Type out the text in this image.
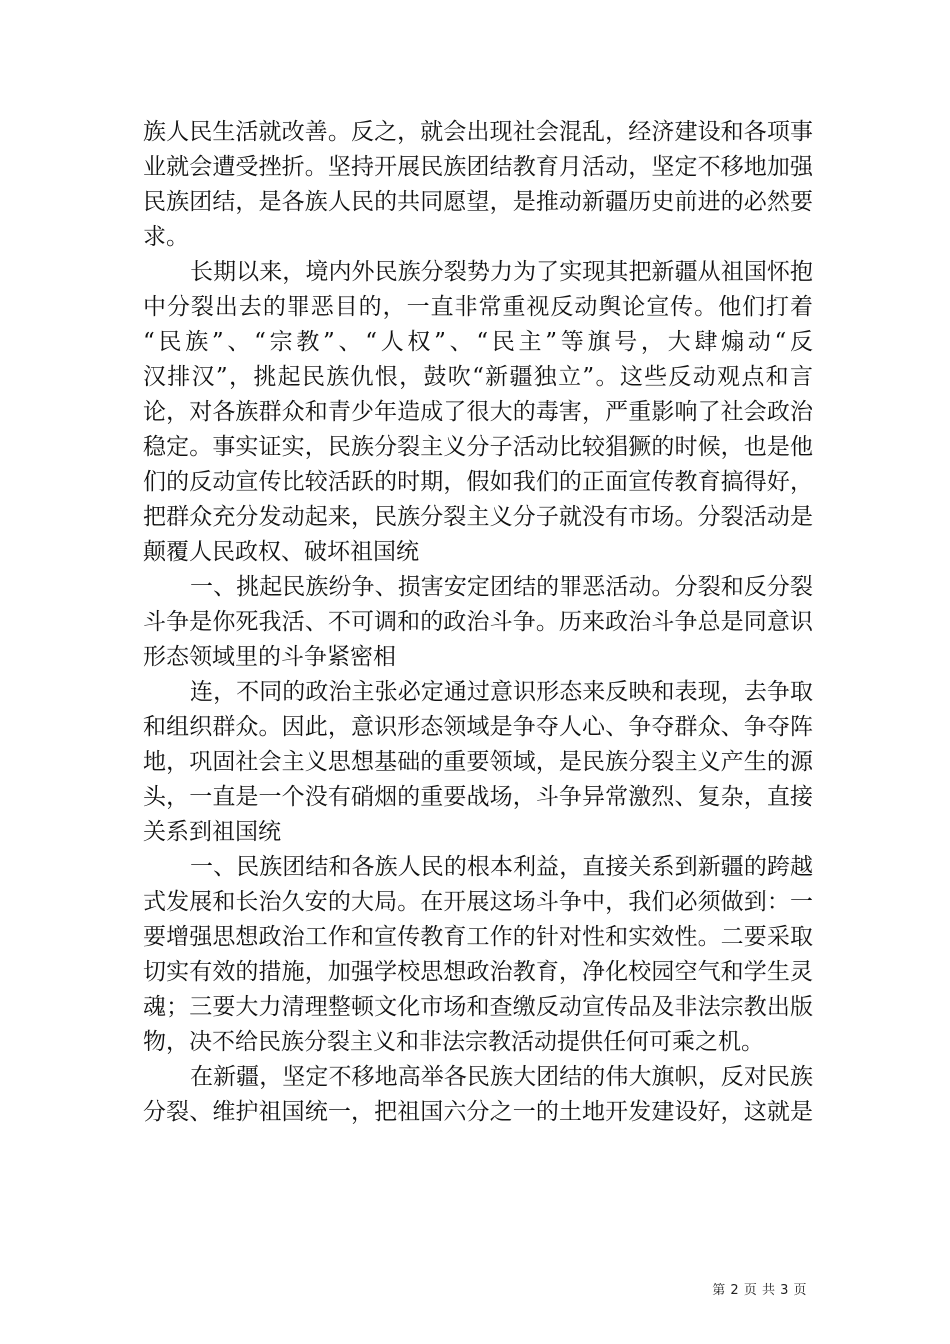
族人民生活就改善。反之，就会出现社会混乱，经济建设和各项事
业就会遭受挫折。坚持开展民族团结教育月活动，坚定不移地加强
民族团结，是各族人民的共同愿望，是推动新疆历史前进的必然要
求。
长期以来，境内外民族分裂势力为了实现其把新疆从祖国怀抱
中分裂出去的罪恶目的，一直非常重视反动舆论宣传。他们打着
“民族”、“宗教”、“人权”、“民主”等旗号，大肆煽动“反
汉排汉”，挑起民族仇恨，鼓吹“新疆独立”。这些反动观点和言
论，对各族群众和青少年造成了很大的毒害，严重影响了社会政治
稳定。事实证实，民族分裂主义分子活动比较猖獗的时候，也是他
们的反动宣传比较活跃的时期，假如我们的正面宣传教育搞得好，
把群众充分发动起来，民族分裂主义分子就没有市场。分裂活动是
颠覆人民政权、破坏祖国统
一、挑起民族纷争、损害安定团结的罪恶活动。分裂和反分裂
斗争是你死我活、不可调和的政治斗争。历来政治斗争总是同意识
形态领域里的斗争紧密相
连，不同的政治主张必定通过意识形态来反映和表现，去争取
和组织群众。因此，意识形态领域是争夺人心、争夺群众、争夺阵
地，巩固社会主义思想基础的重要领域，是民族分裂主义产生的源
头，一直是一个没有硝烟的重要战场，斗争异常激烈、复杂，直接
关系到祖国统
一、民族团结和各族人民的根本利益，直接关系到新疆的跨越
式发展和长治久安的大局。在开展这场斗争中，我们必须做到：一
要增强思想政治工作和宣传教育工作的针对性和实效性。二要采取
切实有效的措施，加强学校思想政治教育，净化校园空气和学生灵
魂；三要大力清理整顿文化市场和查缴反动宣传品及非法宗教出版
物，决不给民族分裂主义和非法宗教活动提供任何可乘之机。
在新疆，坚定不移地高举各民族大团结的伟大旗帜，反对民族
分裂、维护祖国统一，把祖国六分之一的土地开发建设好，这就是
第 2 页 共 3 页
